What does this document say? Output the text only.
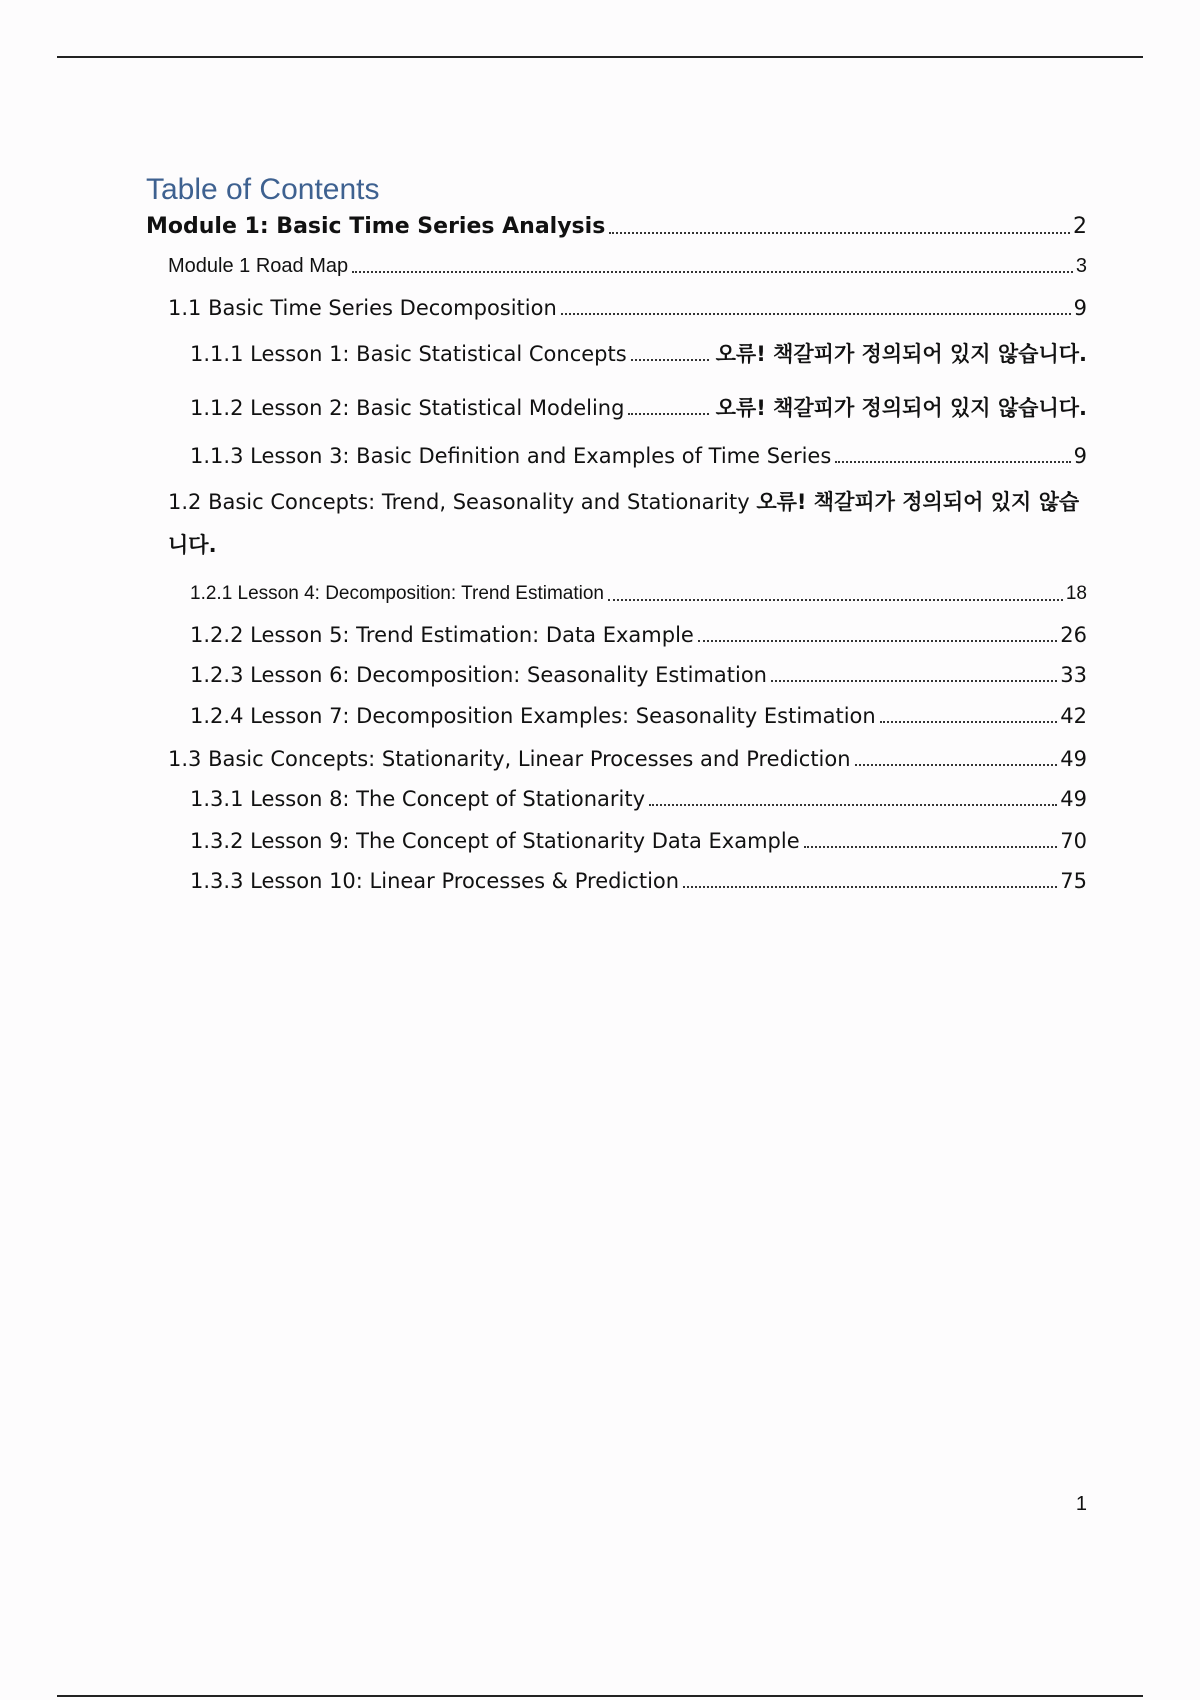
Table of Contents
Module 1: Basic Time Series Analysis	2
Module 1 Road Map	3
1.1 Basic Time Series Decomposition	9
1.1.1 Lesson 1: Basic Statistical Concepts	오류! 책갈피가 정의되어 있지 않습니다.
1.1.2 Lesson 2: Basic Statistical Modeling	오류! 책갈피가 정의되어 있지 않습니다.
1.1.3 Lesson 3: Basic Definition and Examples of Time Series	9
1.2 Basic Concepts: Trend, Seasonality and Stationarity 오류! 책갈피가 정의되어 있지 않습니다.
1.2.1 Lesson 4: Decomposition: Trend Estimation	18
1.2.2 Lesson 5: Trend Estimation: Data Example	26
1.2.3 Lesson 6: Decomposition: Seasonality Estimation	33
1.2.4 Lesson 7: Decomposition Examples: Seasonality Estimation	42
1.3 Basic Concepts: Stationarity, Linear Processes and Prediction	49
1.3.1 Lesson 8: The Concept of Stationarity	49
1.3.2 Lesson 9: The Concept of Stationarity Data Example	70
1.3.3 Lesson 10: Linear Processes & Prediction	75
1
